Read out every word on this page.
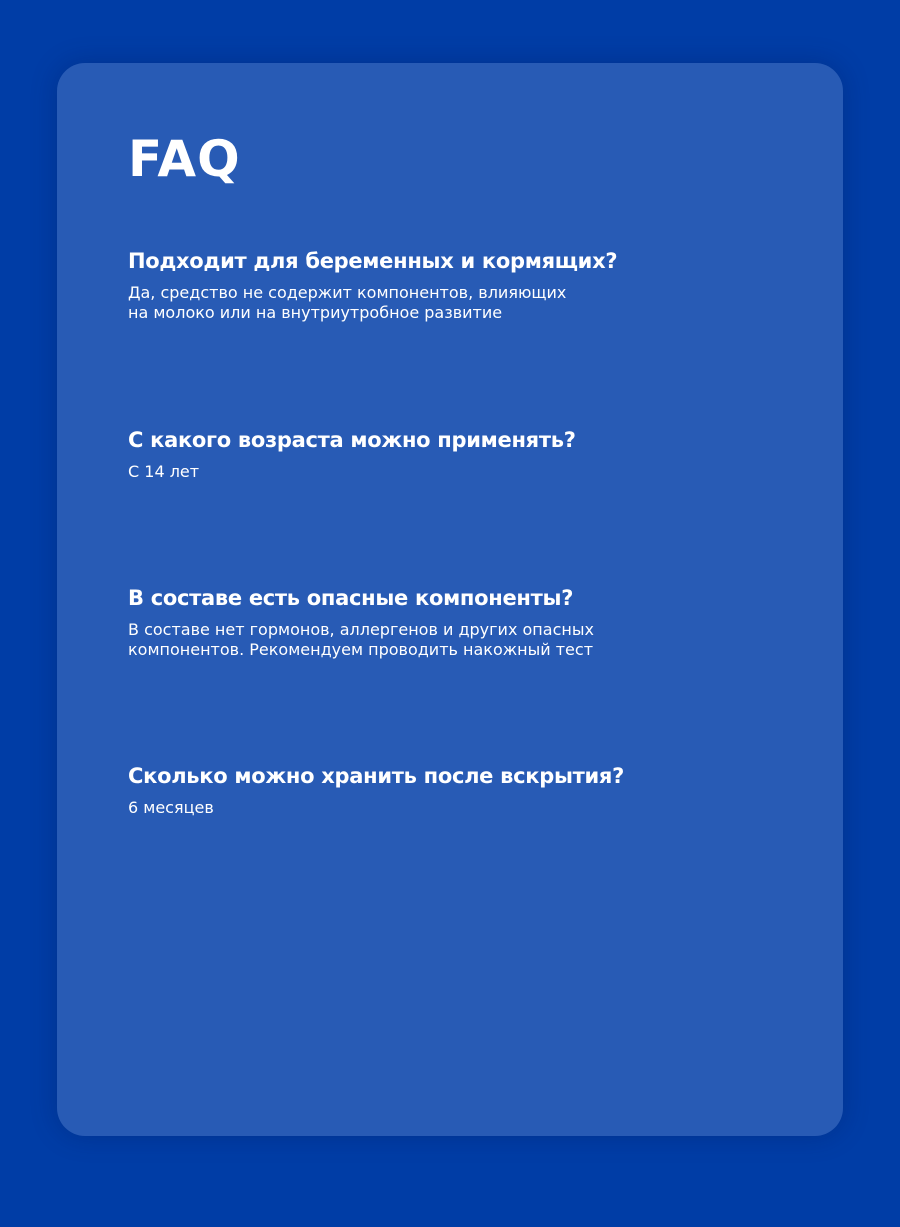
FAQ
Подходит для беременных и кормящих?

Да, средство не содержит компонентов, влияющих
на молоко или на внутриутробное развитие

С какого возраста можно применять?

С 14 лет

В составе есть опасные компоненты?

В составе нет гормонов, аллергенов и других опасных
компонентов. Рекомендуем проводить накожный тест

Сколько можно хранить после вскрытия?

6 месяцев
